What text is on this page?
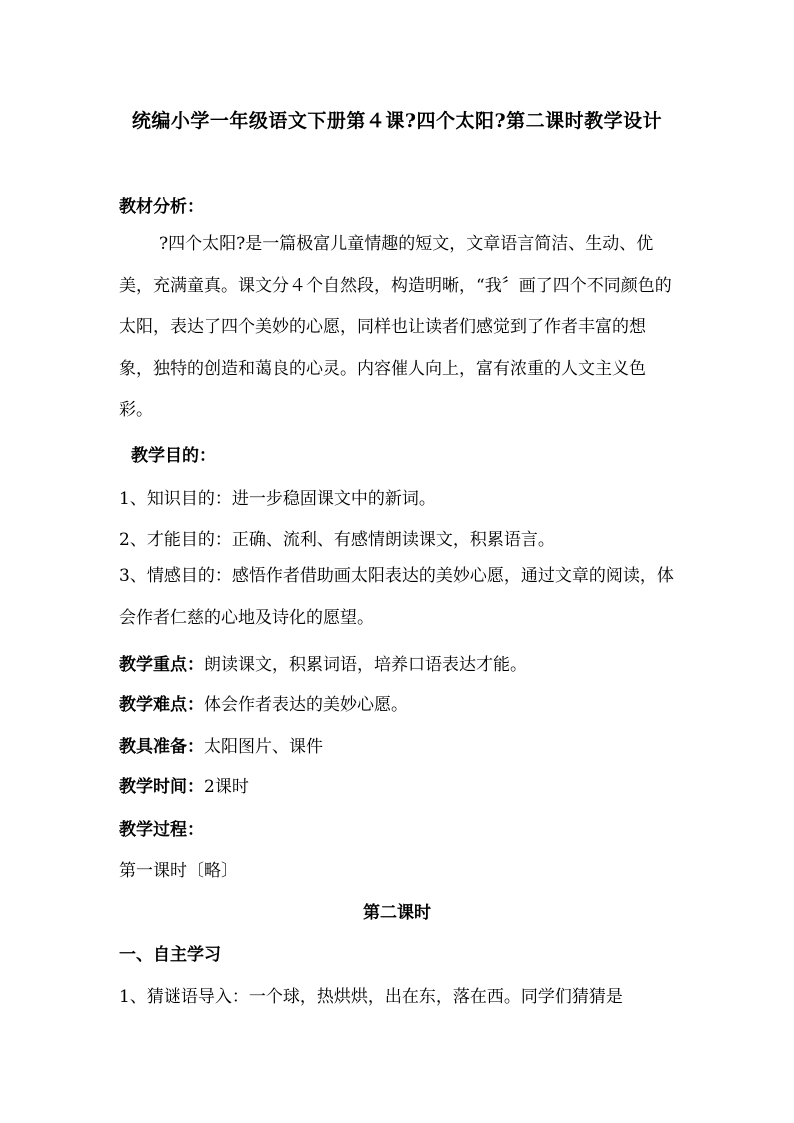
统编小学一年级语文下册第４课?四个太阳?第二课时教学设计
教材分析：
?四个太阳?是一篇极富儿童情趣的短文，文章语言简洁、生动、优美，充满童真。课文分４个自然段，构造明晰，“我〞画了四个不同颜色的太阳，表达了四个美妙的心愿，同样也让读者们感觉到了作者丰富的想象，独特的创造和蔼良的心灵。内容催人向上，富有浓重的人文主义色彩。
教学目的：
1、知识目的：进一步稳固课文中的新词。
2、才能目的：正确、流利、有感情朗读课文，积累语言。
3、情感目的：感悟作者借助画太阳表达的美妙心愿，通过文章的阅读，体会作者仁慈的心地及诗化的愿望。
教学重点：朗读课文，积累词语，培养口语表达才能。
教学难点：体会作者表达的美妙心愿。
教具准备：太阳图片、课件
教学时间：2课时
教学过程：
第一课时〔略〕
第二课时
一、自主学习
1、猜谜语导入：一个球，热烘烘，出在东，落在西。同学们猜猜是
